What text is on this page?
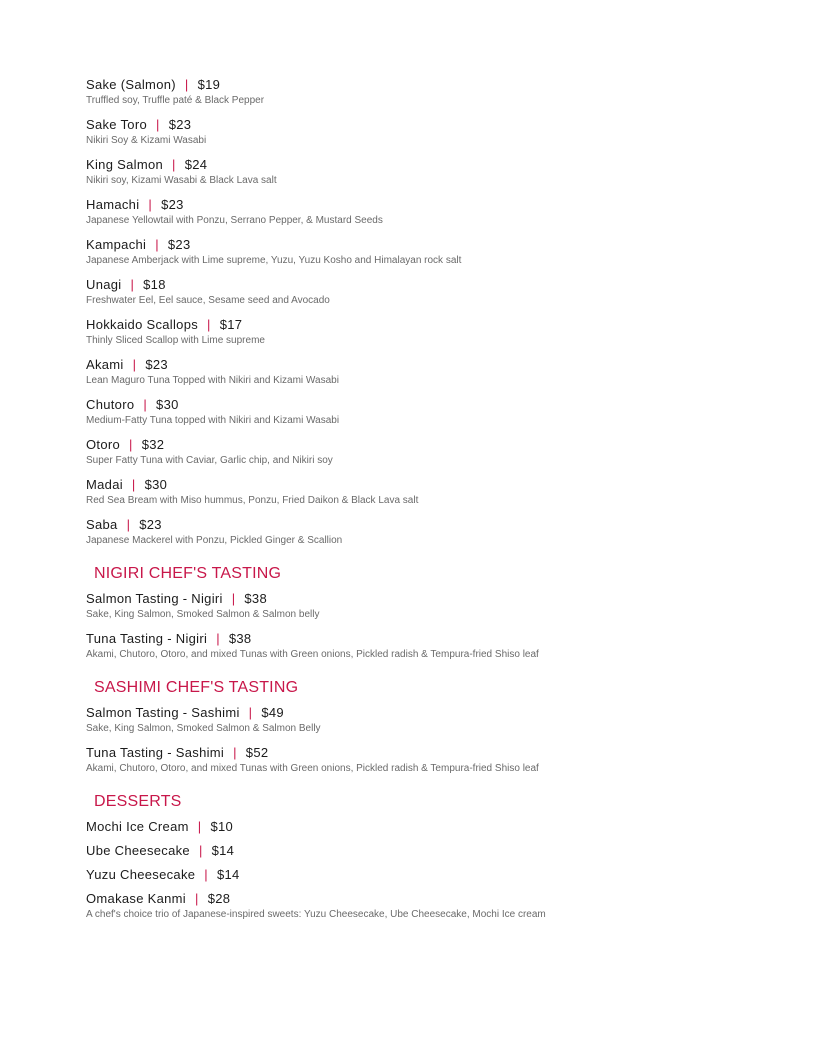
Sake (Salmon) | $19
Truffled soy, Truffle paté & Black Pepper
Sake Toro | $23
Nikiri Soy & Kizami Wasabi
King Salmon | $24
Nikiri soy, Kizami Wasabi & Black Lava salt
Hamachi | $23
Japanese Yellowtail with Ponzu, Serrano Pepper, & Mustard Seeds
Kampachi | $23
Japanese Amberjack with Lime supreme, Yuzu, Yuzu Kosho and Himalayan rock salt
Unagi | $18
Freshwater Eel, Eel sauce, Sesame seed and Avocado
Hokkaido Scallops | $17
Thinly Sliced Scallop with Lime supreme
Akami | $23
Lean Maguro Tuna Topped with Nikiri and Kizami Wasabi
Chutoro | $30
Medium-Fatty Tuna topped with Nikiri and Kizami Wasabi
Otoro | $32
Super Fatty Tuna with Caviar, Garlic chip, and Nikiri soy
Madai | $30
Red Sea Bream with Miso hummus, Ponzu, Fried Daikon & Black Lava salt
Saba | $23
Japanese Mackerel with Ponzu, Pickled Ginger & Scallion
NIGIRI CHEF'S TASTING
Salmon Tasting - Nigiri | $38
Sake, King Salmon, Smoked Salmon & Salmon belly
Tuna Tasting - Nigiri | $38
Akami, Chutoro, Otoro, and mixed Tunas with Green onions, Pickled radish & Tempura-fried Shiso leaf
SASHIMI CHEF'S TASTING
Salmon Tasting - Sashimi | $49
Sake, King Salmon, Smoked Salmon & Salmon Belly
Tuna Tasting - Sashimi | $52
Akami, Chutoro, Otoro, and mixed Tunas with Green onions, Pickled radish & Tempura-fried Shiso leaf
DESSERTS
Mochi Ice Cream | $10
Ube Cheesecake | $14
Yuzu Cheesecake | $14
Omakase Kanmi | $28
A chef's choice trio of Japanese-inspired sweets: Yuzu Cheesecake, Ube Cheesecake, Mochi Ice cream
